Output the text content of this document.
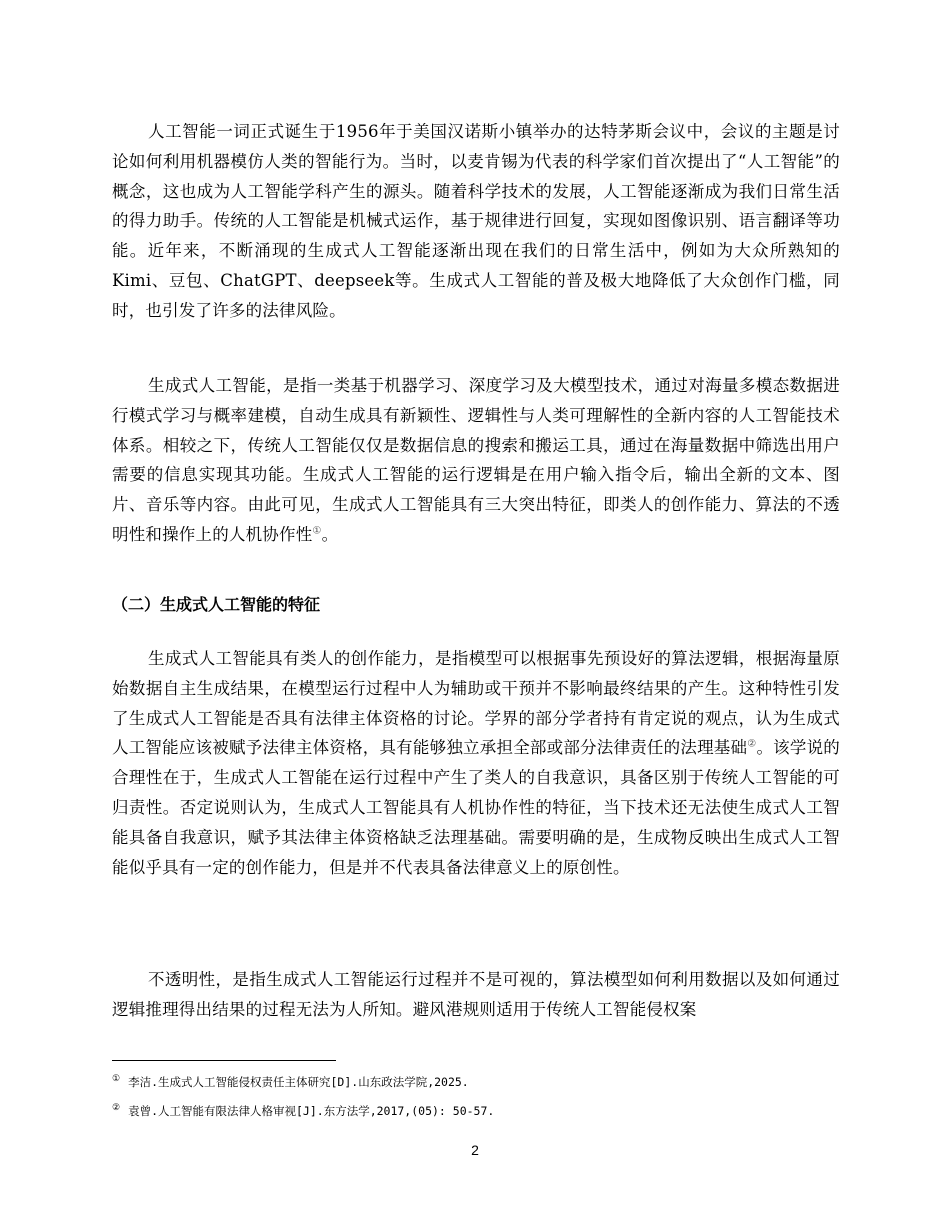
人工智能一词正式诞生于1956年于美国汉诺斯小镇举办的达特茅斯会议中，会议的主题是讨论如何利用机器模仿人类的智能行为。当时，以麦肯锡为代表的科学家们首次提出了“人工智能”的概念，这也成为人工智能学科产生的源头。随着科学技术的发展，人工智能逐渐成为我们日常生活的得力助手。传统的人工智能是机械式运作，基于规律进行回复，实现如图像识别、语言翻译等功能。近年来，不断涌现的生成式人工智能逐渐出现在我们的日常生活中，例如为大众所熟知的Kimi、豆包、ChatGPT、deepseek等。生成式人工智能的普及极大地降低了大众创作门槛，同时，也引发了许多的法律风险。

生成式人工智能，是指一类基于机器学习、深度学习及大模型技术，通过对海量多模态数据进行模式学习与概率建模，自动生成具有新颖性、逻辑性与人类可理解性的全新内容的人工智能技术体系。相较之下，传统人工智能仅仅是数据信息的搜索和搬运工具，通过在海量数据中筛选出用户需要的信息实现其功能。生成式人工智能的运行逻辑是在用户输入指令后，输出全新的文本、图片、音乐等内容。由此可见，生成式人工智能具有三大突出特征，即类人的创作能力、算法的不透明性和操作上的人机协作性①。

（二）生成式人工智能的特征

生成式人工智能具有类人的创作能力，是指模型可以根据事先预设好的算法逻辑，根据海量原始数据自主生成结果，在模型运行过程中人为辅助或干预并不影响最终结果的产生。这种特性引发了生成式人工智能是否具有法律主体资格的讨论。学界的部分学者持有肯定说的观点，认为生成式人工智能应该被赋予法律主体资格，具有能够独立承担全部或部分法律责任的法理基础②。该学说的合理性在于，生成式人工智能在运行过程中产生了类人的自我意识，具备区别于传统人工智能的可归责性。否定说则认为，生成式人工智能具有人机协作性的特征，当下技术还无法使生成式人工智能具备自我意识，赋予其法律主体资格缺乏法理基础。需要明确的是，生成物反映出生成式人工智能似乎具有一定的创作能力，但是并不代表具备法律意义上的原创性。

不透明性，是指生成式人工智能运行过程并不是可视的，算法模型如何利用数据以及如何通过逻辑推理得出结果的过程无法为人所知。避风港规则适用于传统人工智能侵权案

① 李洁.生成式人工智能侵权责任主体研究[D].山东政法学院,2025.

② 袁曾.人工智能有限法律人格审视[J].东方法学,2017,(05): 50-57.

2
